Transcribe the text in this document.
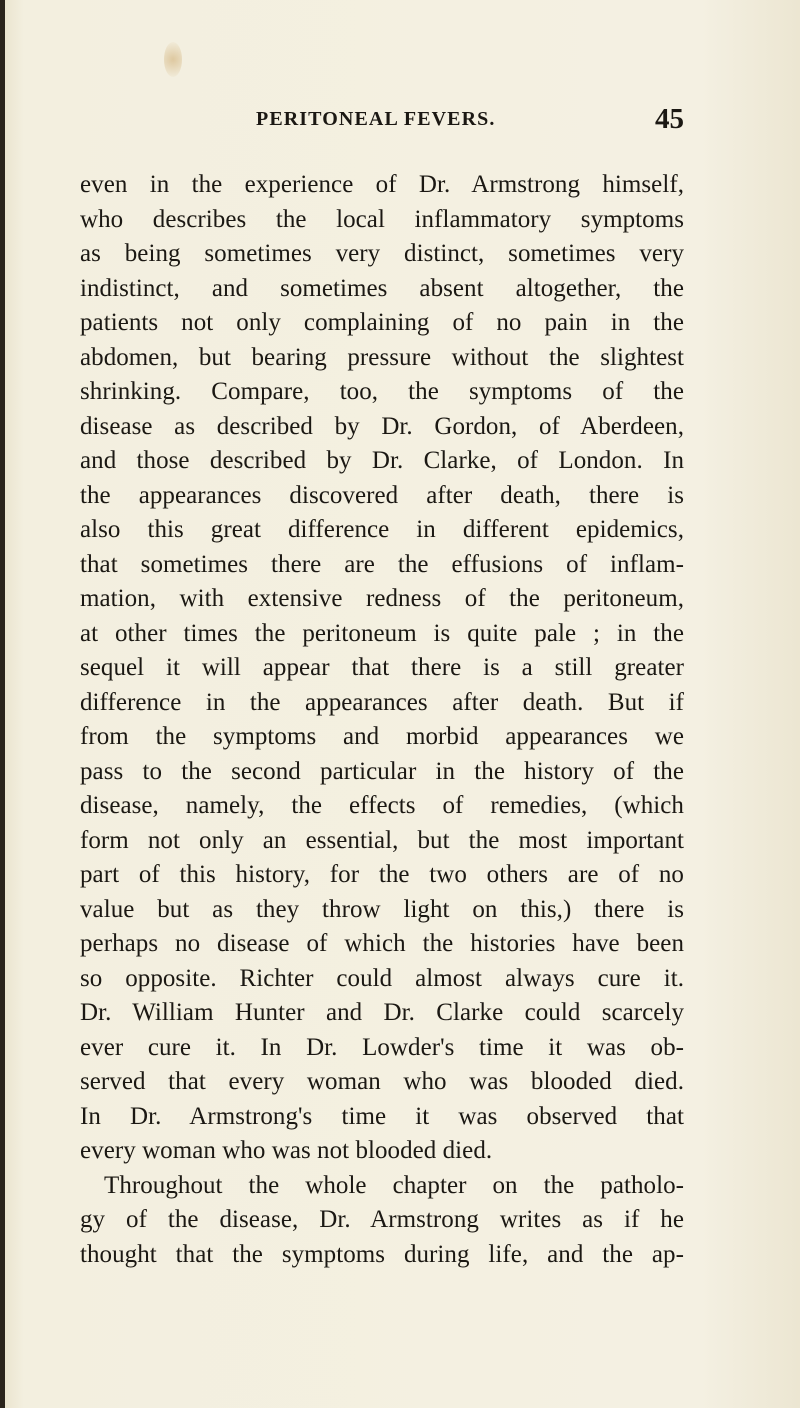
PERITONEAL FEVERS.	45
even in the experience of Dr. Armstrong himself,
who describes the local inflammatory symptoms
as being sometimes very distinct, sometimes very
indistinct, and sometimes absent altogether, the
patients not only complaining of no pain in the
abdomen, but bearing pressure without the slightest
shrinking. Compare, too, the symptoms of the
disease as described by Dr. Gordon, of Aberdeen,
and those described by Dr. Clarke, of London. In
the appearances discovered after death, there is
also this great difference in different epidemics,
that sometimes there are the effusions of inflam-
mation, with extensive redness of the peritoneum,
at other times the peritoneum is quite pale ; in the
sequel it will appear that there is a still greater
difference in the appearances after death. But if
from the symptoms and morbid appearances we
pass to the second particular in the history of the
disease, namely, the effects of remedies, (which
form not only an essential, but the most important
part of this history, for the two others are of no
value but as they throw light on this,) there is
perhaps no disease of which the histories have been
so opposite. Richter could almost always cure it.
Dr. William Hunter and Dr. Clarke could scarcely
ever cure it. In Dr. Lowder's time it was ob-
served that every woman who was blooded died.
In Dr. Armstrong's time it was observed that
every woman who was not blooded died.
Throughout the whole chapter on the patholo-
gy of the disease, Dr. Armstrong writes as if he
thought that the symptoms during life, and the ap-
